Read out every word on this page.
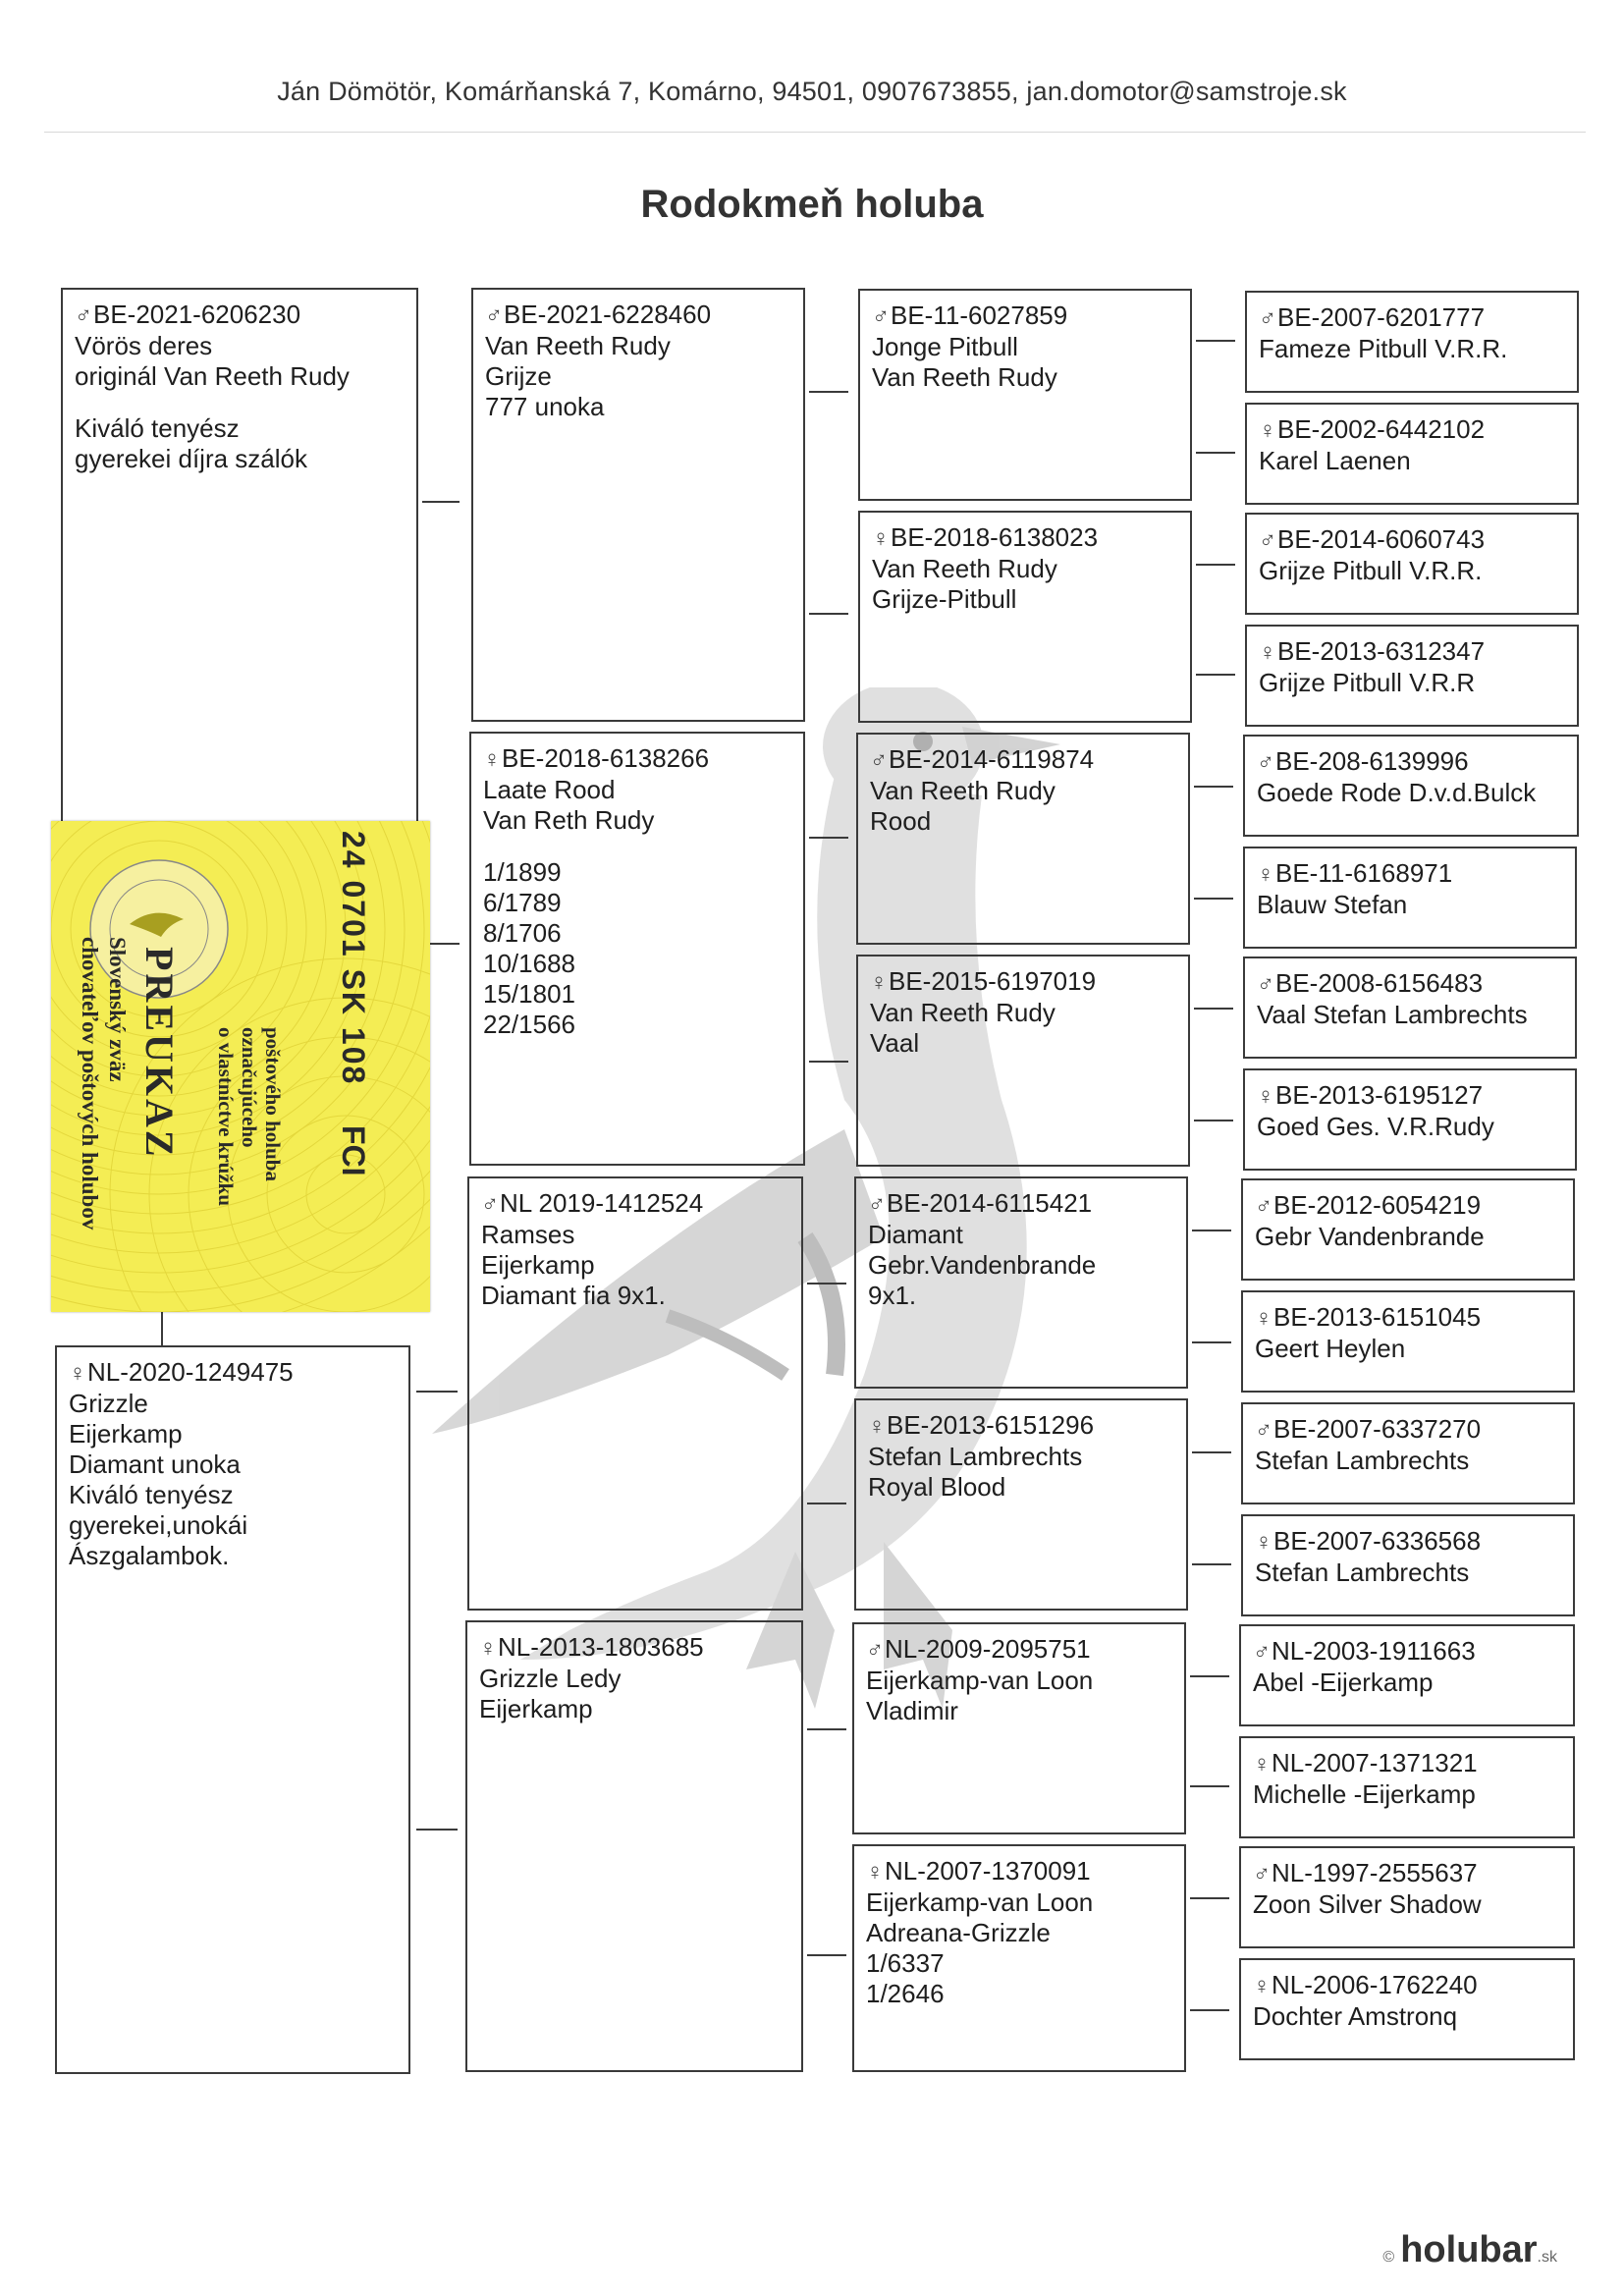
Ján Dömötör, Komárňanská 7, Komárno, 94501, 0907673855, jan.domotor@samstroje.sk
Rodokmeň holuba
♂BE-2021-6206230
Vörös deres
originál Van Reeth Rudy
Kiváló tenyész
gyerekei díjra szálók
♀NL-2020-1249475
Grizzle
Eijerkamp
Diamant unoka
Kiváló tenyész
gyerekei,unokái
Ászgalambok.
♂BE-2021-6228460
Van Reeth Rudy
Grijze
777 unoka
♀BE-2018-6138266
Laate Rood
Van Reth Rudy
1/1899
6/1789
8/1706
10/1688
15/1801
22/1566
♂NL 2019-1412524
Ramses
Eijerkamp
Diamant fia 9x1.
♀NL-2013-1803685
Grizzle Ledy
Eijerkamp
♂BE-11-6027859
Jonge Pitbull
Van Reeth Rudy
♀BE-2018-6138023
Van Reeth Rudy
Grijze-Pitbull
♂BE-2014-6119874
Van Reeth Rudy
Rood
♀BE-2015-6197019
Van Reeth Rudy
Vaal
♂BE-2014-6115421
Diamant
Gebr.Vandenbrande
9x1.
♀BE-2013-6151296
Stefan Lambrechts
Royal Blood
♂NL-2009-2095751
Eijerkamp-van Loon
Vladimir
♀NL-2007-1370091
Eijerkamp-van Loon
Adreana-Grizzle
1/6337
1/2646
♂BE-2007-6201777
Fameze Pitbull V.R.R.
♀BE-2002-6442102
Karel Laenen
♂BE-2014-6060743
Grijze Pitbull V.R.R.
♀BE-2013-6312347
Grijze Pitbull V.R.R
♂BE-208-6139996
Goede Rode D.v.d.Bulck
♀BE-11-6168971
Blauw Stefan
♂BE-2008-6156483
Vaal Stefan Lambrechts
♀BE-2013-6195127
Goed Ges. V.R.Rudy
♂BE-2012-6054219
Gebr Vandenbrande
♀BE-2013-6151045
Geert Heylen
♂BE-2007-6337270
Stefan Lambrechts
♀BE-2007-6336568
Stefan Lambrechts
♂NL-2003-1911663
Abel -Eijerkamp
♀NL-2007-1371321
Michelle -Eijerkamp
♂NL-1997-2555637
Zoon Silver Shadow
♀NL-2006-1762240
Dochter Amstronq
Slovenský zväz
chovateľov poštových holubov PREUKAZ o vlastníctve krúžku označujúceho poštového holuba
24 0701 SK 108
FCI
© holubar.sk
